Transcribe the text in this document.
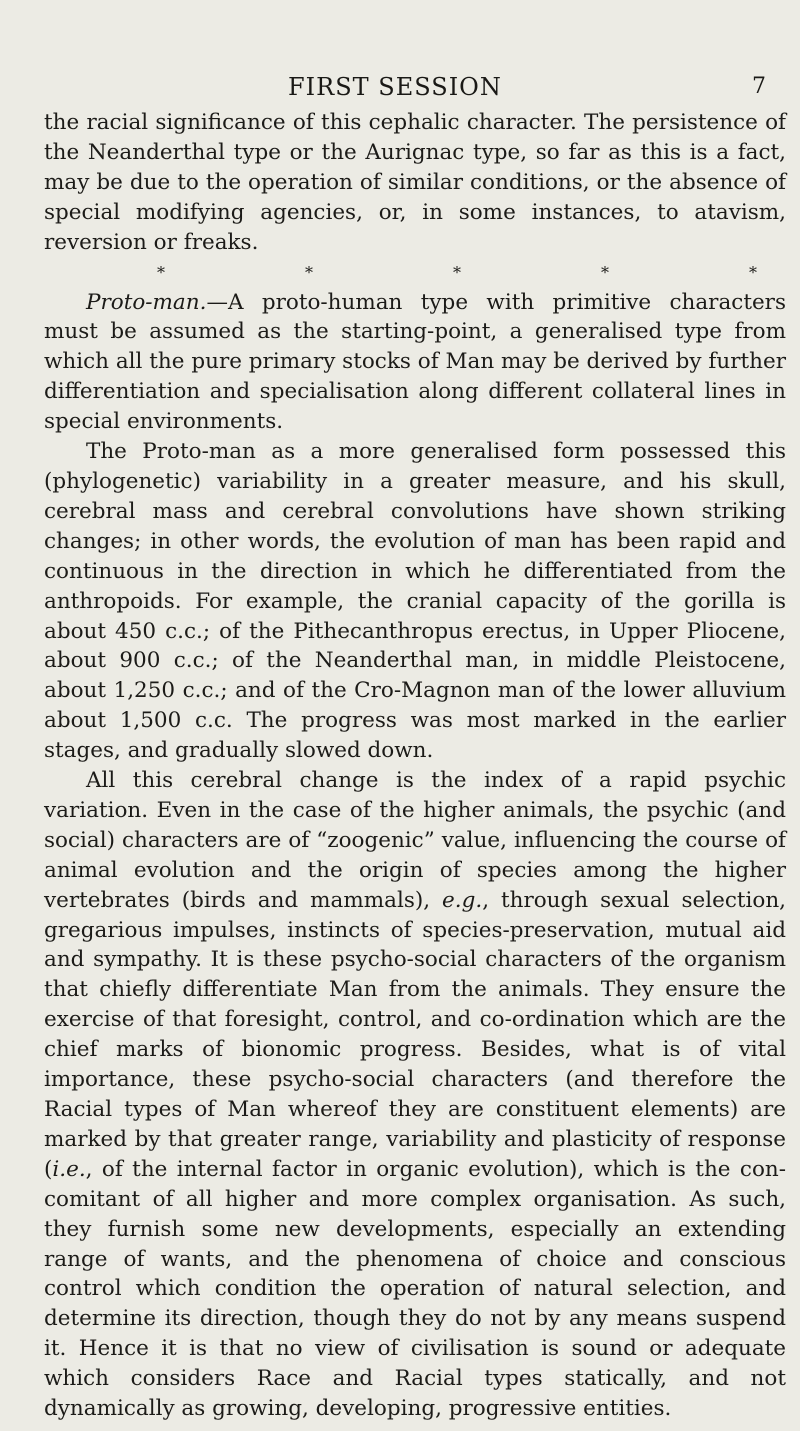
FIRST SESSION	7

the racial significance of this cephalic character. The persistence of the Neanderthal type or the Aurignac type, so far as this is a fact, may be due to the operation of similar conditions, or the absence of special modifying agencies, or, in some instances, to atavism, reversion or freaks.

*	*	*	*	*

Proto-man.—A proto-human type with primitive characters must be assumed as the starting-point, a generalised type from which all the pure primary stocks of Man may be derived by further differentiation and specialisation along different collateral lines in special environments.

The Proto-man as a more generalised form possessed this (phylogenetic) variability in a greater measure, and his skull, cerebral mass and cerebral convolutions have shown striking changes; in other words, the evolution of man has been rapid and continuous in the direction in which he differentiated from the anthropoids. For example, the cranial capacity of the gorilla is about 450 c.c.; of the Pithecanthropus erectus, in Upper Pliocene, about 900 c.c.; of the Neanderthal man, in middle Pleistocene, about 1,250 c.c.; and of the Cro-Magnon man of the lower alluvium about 1,500 c.c. The progress was most marked in the earlier stages, and gradually slowed down.

All this cerebral change is the index of a rapid psychic variation. Even in the case of the higher animals, the psychic (and social) characters are of “zoogenic” value, influencing the course of animal evolution and the origin of species among the higher vertebrates (birds and mammals), e.g., through sexual selection, gregarious impulses, instincts of species-preservation, mutual aid and sympathy. It is these psycho-social characters of the organism that chiefly differentiate Man from the animals. They ensure the exercise of that foresight, control, and co-ordination which are the chief marks of bionomic progress. Besides, what is of vital importance, these psycho-social characters (and therefore the Racial types of Man whereof they are constituent elements) are marked by that greater range, variability and plasticity of response (i.e., of the internal factor in organic evolution), which is the con-comitant of all higher and more complex organisation. As such, they furnish some new developments, especially an extending range of wants, and the phenomena of choice and conscious control which condition the operation of natural selection, and determine its direction, though they do not by any means suspend it. Hence it is that no view of civilisation is sound or adequate which considers Race and Racial types statically, and not dynamically as growing, developing, progressive entities.
